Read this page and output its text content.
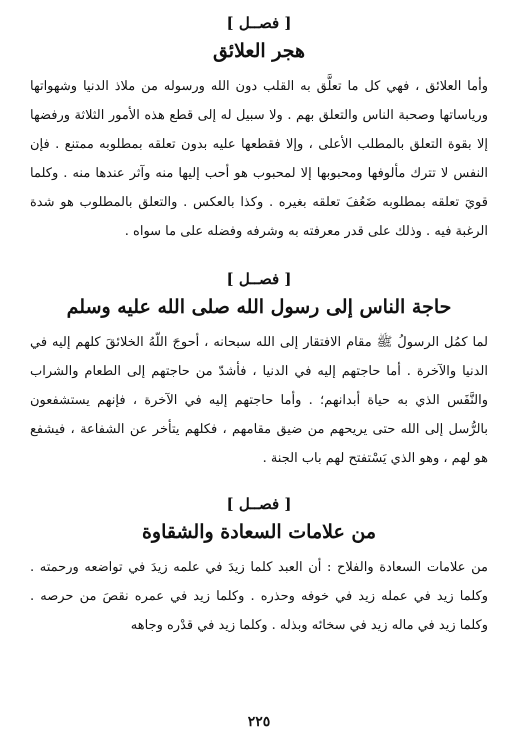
[ فصــل ]

هجر العلائق

وأما العلائق ، فهي كل ما تعلَّق به القلب دون الله ورسوله من ملاذ الدنيا وشهواتها ورياساتها وصحبة الناس والتعلق بهم . ولا سبيل له إلى قطع هذه الأمور الثلاثة ورفضها إلا بقوة التعلق بالمطلب الأعلى ، وإلا فقطعها عليه بدون تعلقه بمطلوبه ممتنع . فإن النفس لا تترك مألوفها ومحبوبها إلا لمحبوب هو أحب إليها منه وآثر عندها منه . وكلما قويَ تعلقه بمطلوبه ضَعُفَ تعلقه بغيره . وكذا بالعكس . والتعلق بالمطلوب هو شدة الرغبة فيه . وذلك على قدر معرفته به وشرفه وفضله على ما سواه .

[ فصــل ]

حاجة الناس إلى رسول الله صلى الله عليه وسلم

لما كمُل الرسولُ ﷺ مقام الافتقار إلى الله سبحانه ، أحوجَ اللّهُ الخلائقَ كلهم إليه في الدنيا والآخرة . أما حاجتهم إليه في الدنيا ، فأشدّ من حاجتهم إلى الطعام والشراب والنَّفَس الذي به حياة أبدانهم؛ . وأما حاجتهم إليه في الآخرة ، فإنهم يستشفعون بالرُّسل إلى الله حتى يريحهم من ضيق مقامهم ، فكلهم يتأخر عن الشفاعة ، فيشفع هو لهم ، وهو الذي يَسْتفتح لهم باب الجنة .

[ فصــل ]

من علامات السعادة والشقاوة

من علامات السعادة والفلاح : أن العبد كلما زيدَ في علمه زيدَ في تواضعه ورحمته . وكلما زيد في عمله زيد في خوفه وحذره . وكلما زيد في عمره نقصَ من حرصه . وكلما زيد في ماله زيد في سخائه وبذله . وكلما زيد في قدْره وجاهه

٢٢٥
